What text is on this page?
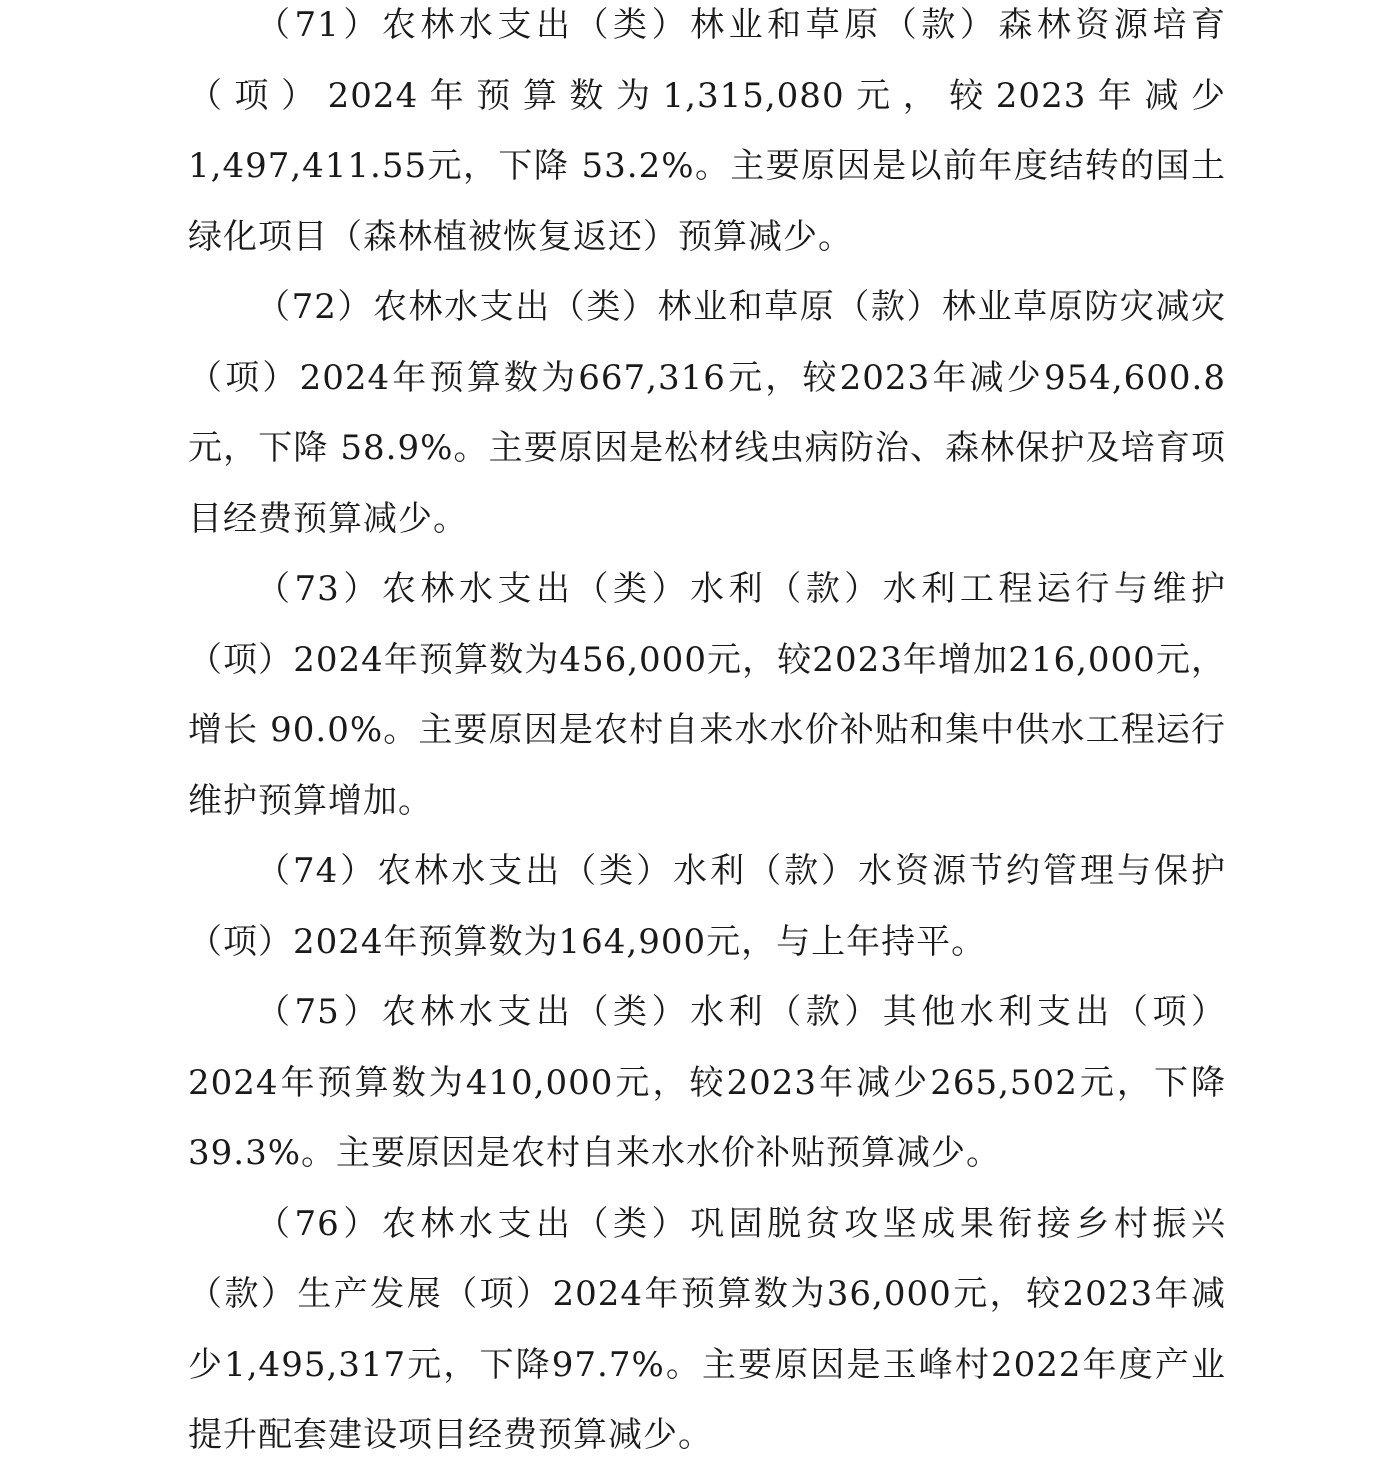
（71）农林水支出（类）林业和草原（款）森林资源培育（项）2024年预算数为1,315,080元，较2023年减少1,497,411.55元，下降 53.2%。主要原因是以前年度结转的国土绿化项目（森林植被恢复返还）预算减少。

（72）农林水支出（类）林业和草原（款）林业草原防灾减灾（项）2024年预算数为667,316元，较2023年减少954,600.8元，下降 58.9%。主要原因是松材线虫病防治、森林保护及培育项目经费预算减少。

（73）农林水支出（类）水利（款）水利工程运行与维护（项）2024年预算数为456,000元，较2023年增加216,000元，增长 90.0%。主要原因是农村自来水水价补贴和集中供水工程运行维护预算增加。

（74）农林水支出（类）水利（款）水资源节约管理与保护（项）2024年预算数为164,900元，与上年持平。

（75）农林水支出（类）水利（款）其他水利支出（项）2024年预算数为410,000元，较2023年减少265,502元，下降39.3%。主要原因是农村自来水水价补贴预算减少。

（76）农林水支出（类）巩固脱贫攻坚成果衔接乡村振兴（款）生产发展（项）2024年预算数为36,000元，较2023年减少1,495,317元，下降97.7%。主要原因是玉峰村2022年度产业提升配套建设项目经费预算减少。
